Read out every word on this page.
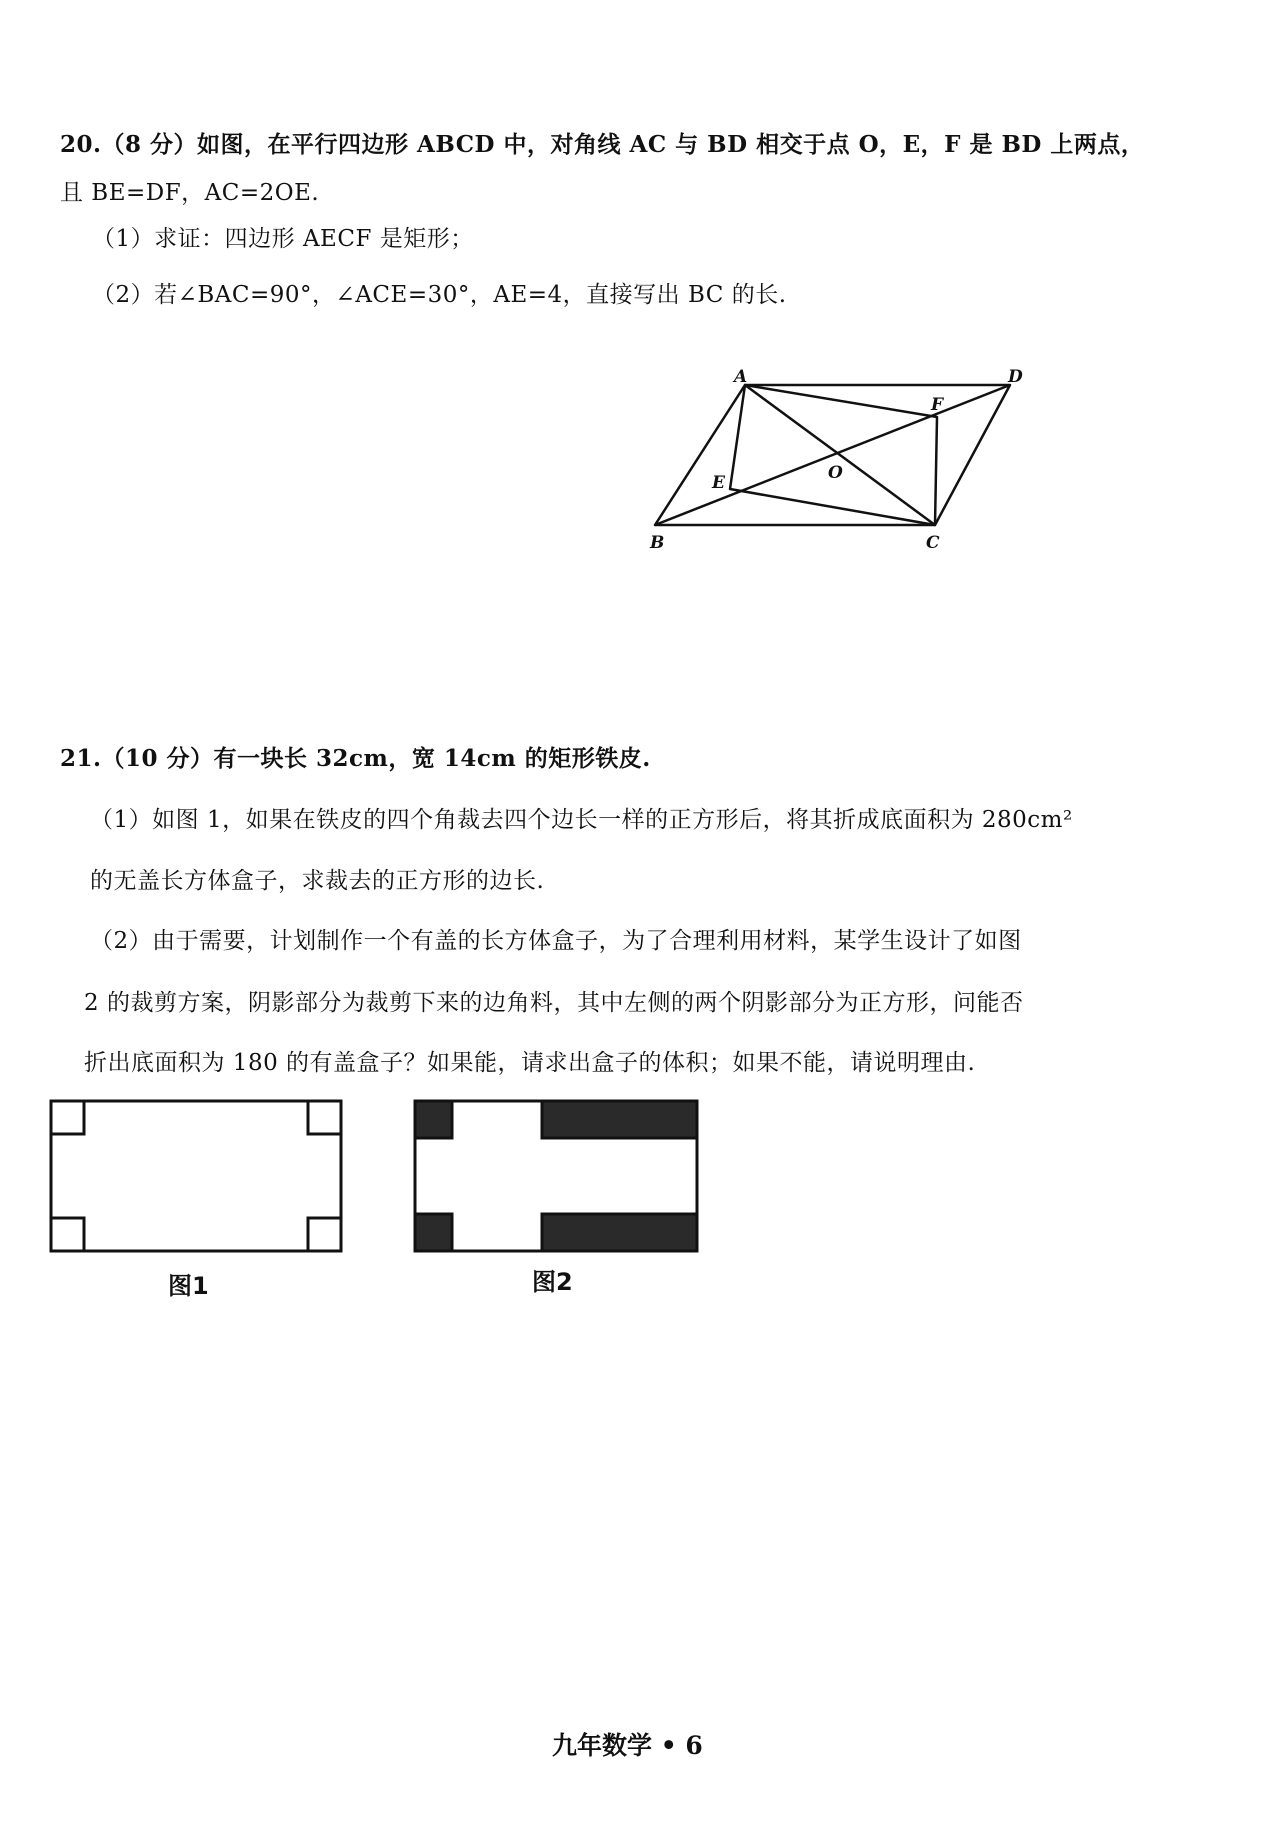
20.（8 分）如图，在平行四边形 ABCD 中，对角线 AC 与 BD 相交于点 O，E，F 是 BD 上两点，
且 BE=DF，AC=2OE.
（1）求证：四边形 AECF 是矩形；
（2）若∠BAC=90°，∠ACE=30°，AE=4，直接写出 BC 的长.
A
B	C
D
E
F
O
21.（10 分）有一块长 32cm，宽 14cm 的矩形铁皮.
（1）如图 1，如果在铁皮的四个角裁去四个边长一样的正方形后，将其折成底面积为 280cm²
的无盖长方体盒子，求裁去的正方形的边长.
（2）由于需要，计划制作一个有盖的长方体盒子，为了合理利用材料，某学生设计了如图
2 的裁剪方案，阴影部分为裁剪下来的边角料，其中左侧的两个阴影部分为正方形，问能否
折出底面积为 180 的有盖盒子？如果能，请求出盒子的体积；如果不能，请说明理由.
图1	图2
九年数学 • 6
